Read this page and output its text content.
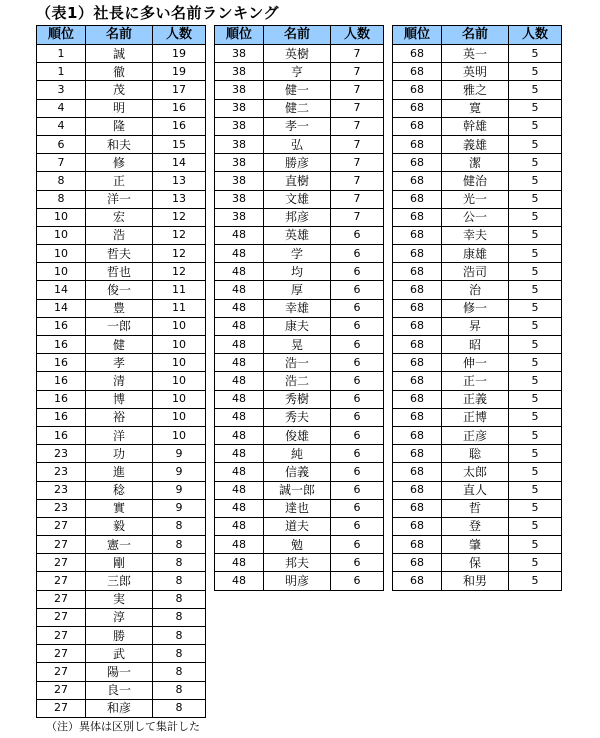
（表1）社長に多い名前ランキング
順位	名前	人数
1	誠	19
1	徹	19
3	茂	17
4	明	16
4	隆	16
6	和夫	15
7	修	14
8	正	13
8	洋一	13
10	宏	12
10	浩	12
10	哲夫	12
10	哲也	12
14	俊一	11
14	豊	11
16	一郎	10
16	健	10
16	孝	10
16	清	10
16	博	10
16	裕	10
16	洋	10
23	功	9
23	進	9
23	稔	9
23	實	9
27	毅	8
27	憲一	8
27	剛	8
27	三郎	8
27	実	8
27	淳	8
27	勝	8
27	武	8
27	陽一	8
27	良一	8
27	和彦	8
順位	名前	人数
38	英樹	7
38	亨	7
38	健一	7
38	健二	7
38	孝一	7
38	弘	7
38	勝彦	7
38	直樹	7
38	文雄	7
38	邦彦	7
48	英雄	6
48	学	6
48	均	6
48	厚	6
48	幸雄	6
48	康夫	6
48	晃	6
48	浩一	6
48	浩二	6
48	秀樹	6
48	秀夫	6
48	俊雄	6
48	純	6
48	信義	6
48	誠一郎	6
48	達也	6
48	道夫	6
48	勉	6
48	邦夫	6
48	明彦	6
順位	名前	人数
68	英一	5
68	英明	5
68	雅之	5
68	寛	5
68	幹雄	5
68	義雄	5
68	潔	5
68	健治	5
68	光一	5
68	公一	5
68	幸夫	5
68	康雄	5
68	浩司	5
68	治	5
68	修一	5
68	昇	5
68	昭	5
68	伸一	5
68	正一	5
68	正義	5
68	正博	5
68	正彦	5
68	聡	5
68	太郎	5
68	直人	5
68	哲	5
68	登	5
68	肇	5
68	保	5
68	和男	5
（注）異体は区別して集計した
